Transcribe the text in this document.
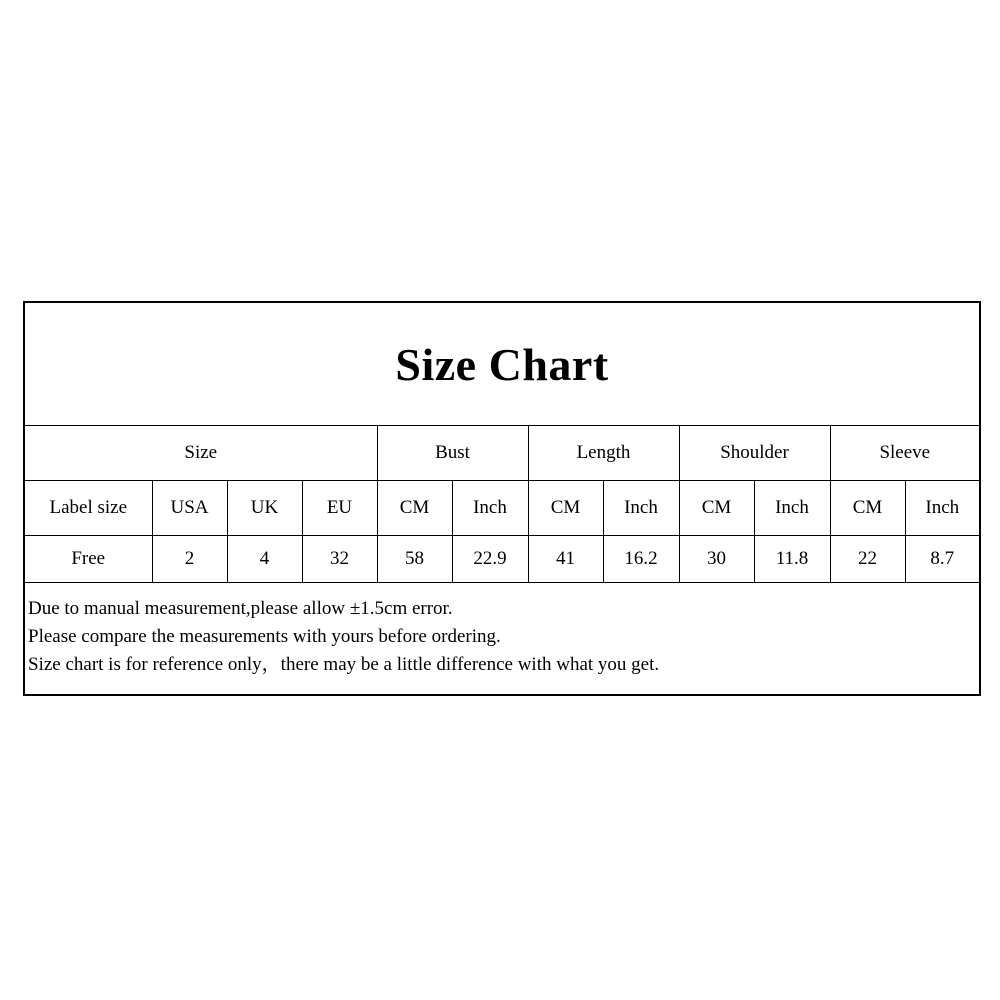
Size Chart											
Size				Bust		Length		Shoulder		Sleeve	
Label size	USA	UK	EU	CM	Inch	CM	Inch	CM	Inch	CM	Inch
Free	2	4	32	58	22.9	41	16.2	30	11.8	22	8.7
Due to manual measurement,please allow ±1.5cm error.
Please compare the measurements with yours before ordering.
Size chart is for reference only，there may be a little difference with what you get.
